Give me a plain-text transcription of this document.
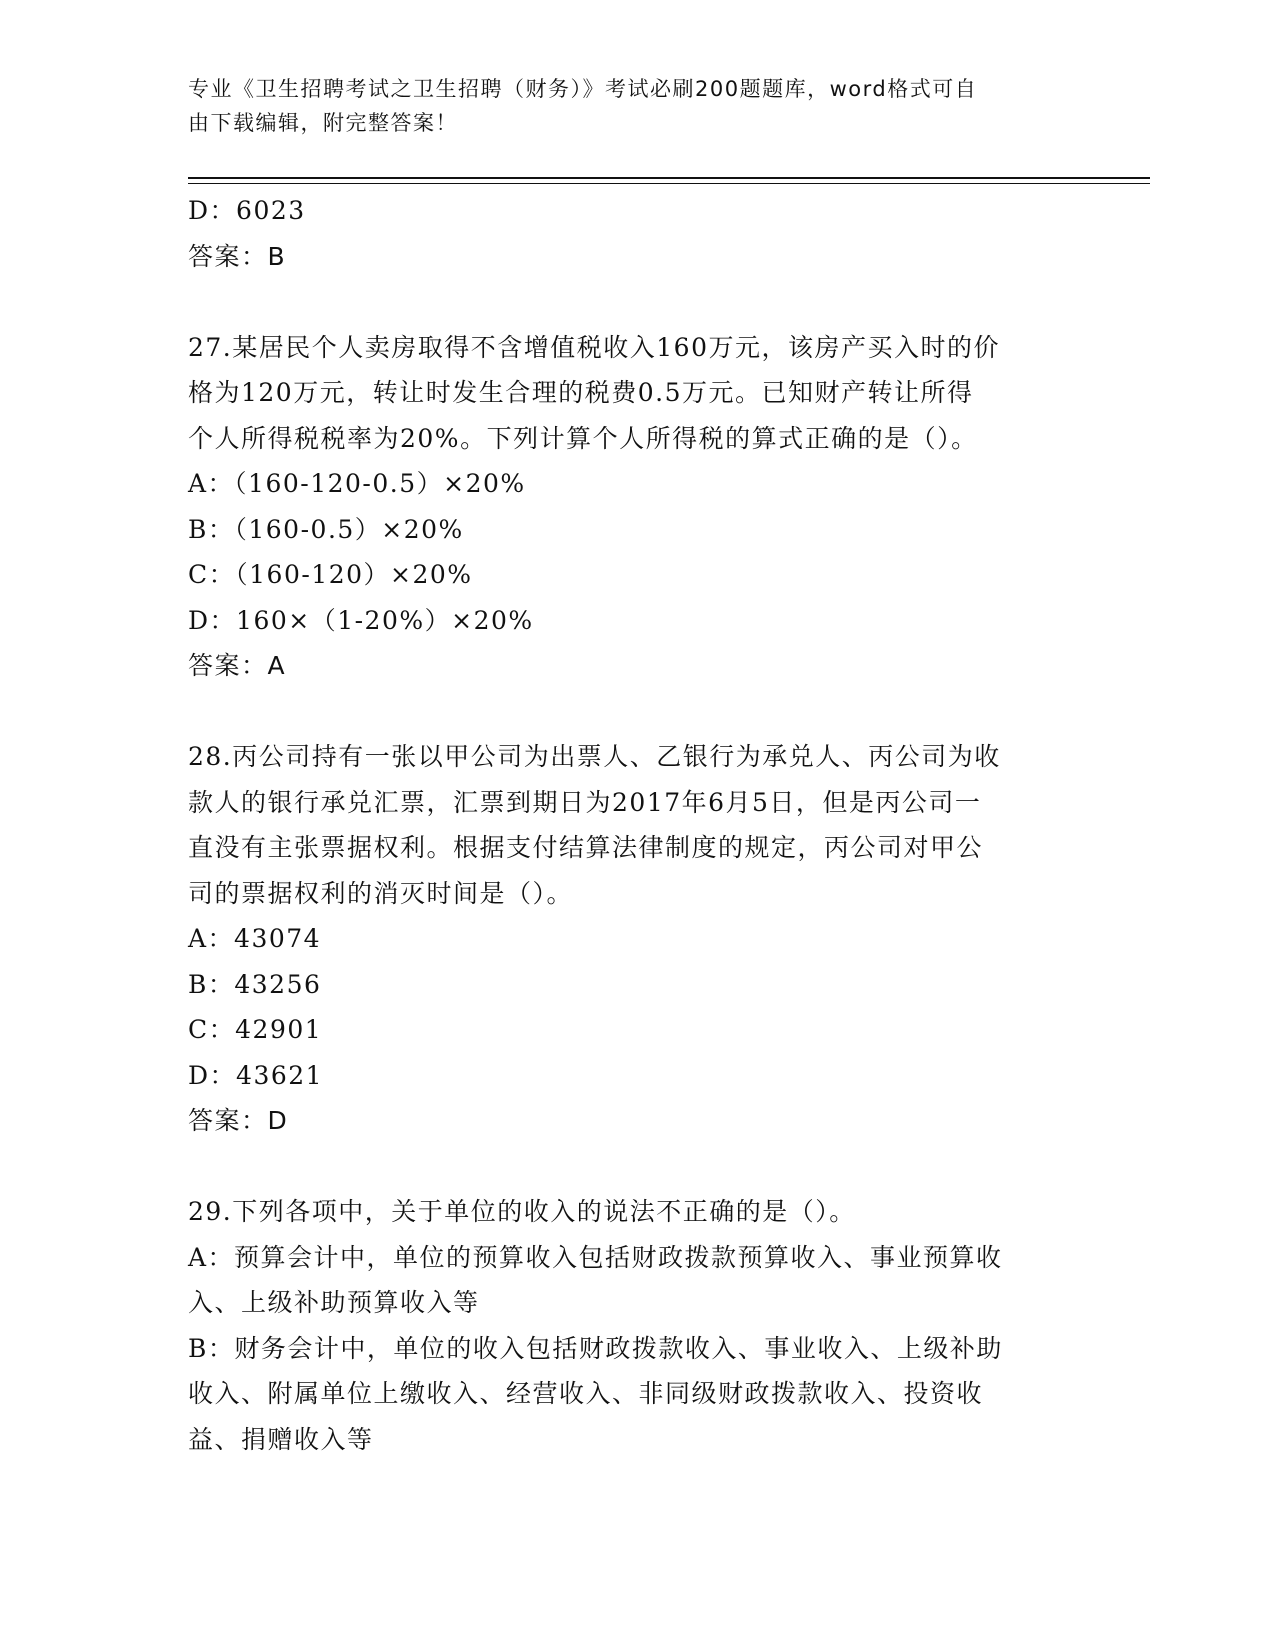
专业《卫生招聘考试之卫生招聘（财务）》考试必刷200题题库，word格式可自
由下载编辑，附完整答案！
D：6023
答案：B
27.某居民个人卖房取得不含增值税收入160万元，该房产买入时的价
格为120万元，转让时发生合理的税费0.5万元。已知财产转让所得
个人所得税税率为20%。下列计算个人所得税的算式正确的是（）。
A：（160-120-0.5）×20%
B：（160-0.5）×20%
C：（160-120）×20%
D：160×（1-20%）×20%
答案：A
28.丙公司持有一张以甲公司为出票人、乙银行为承兑人、丙公司为收
款人的银行承兑汇票，汇票到期日为2017年6月5日，但是丙公司一
直没有主张票据权利。根据支付结算法律制度的规定，丙公司对甲公
司的票据权利的消灭时间是（）。
A：43074
B：43256
C：42901
D：43621
答案：D
29.下列各项中，关于单位的收入的说法不正确的是（）。
A：预算会计中，单位的预算收入包括财政拨款预算收入、事业预算收
入、上级补助预算收入等
B：财务会计中，单位的收入包括财政拨款收入、事业收入、上级补助
收入、附属单位上缴收入、经营收入、非同级财政拨款收入、投资收
益、捐赠收入等
